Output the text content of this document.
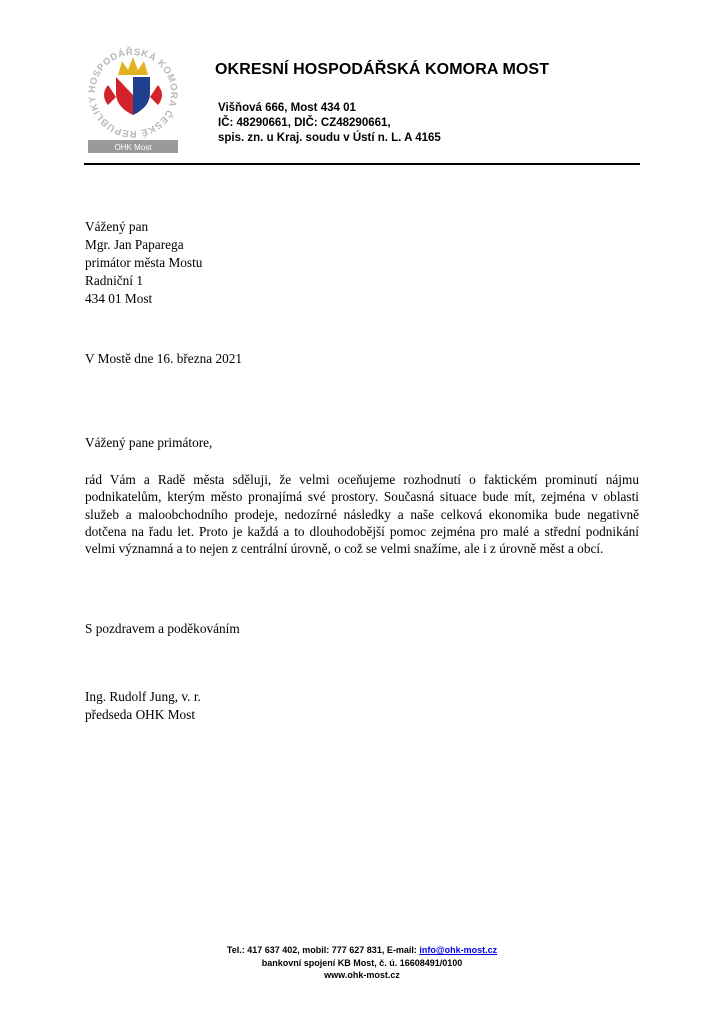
HOSPODÁŘSKÁ KOMORA ČESKÉ REPUBLIKY
OHK Most
OKRESNÍ HOSPODÁŘSKÁ KOMORA MOST
Višňová 666, Most 434 01
IČ: 48290661, DIČ: CZ48290661,
spis. zn. u Kraj. soudu v Ústí n. L. A 4165
Vážený pan
Mgr. Jan Paparega
primátor města Mostu
Radniční 1
434 01 Most
V Mostě dne 16. března 2021
Vážený pane primátore,
rád Vám a Radě města sděluji, že velmi oceňujeme rozhodnutí o faktickém prominutí nájmu podnikatelům, kterým město pronajímá své prostory. Současná situace bude mít, zejména v oblasti služeb a maloobchodního prodeje, nedozírné následky a naše celková ekonomika bude negativně dotčena na řadu let. Proto je každá a to dlouhodobější pomoc zejména pro malé a střední podnikání velmi významná a to nejen z centrální úrovně, o což se velmi snažíme, ale i z úrovně měst a obcí.
S pozdravem a poděkováním
Ing. Rudolf Jung, v. r.
předseda OHK Most
Tel.: 417 637 402, mobil: 777 627 831, E-mail: info@ohk-most.cz
bankovní spojení KB Most, č. ú. 16608491/0100
www.ohk-most.cz
